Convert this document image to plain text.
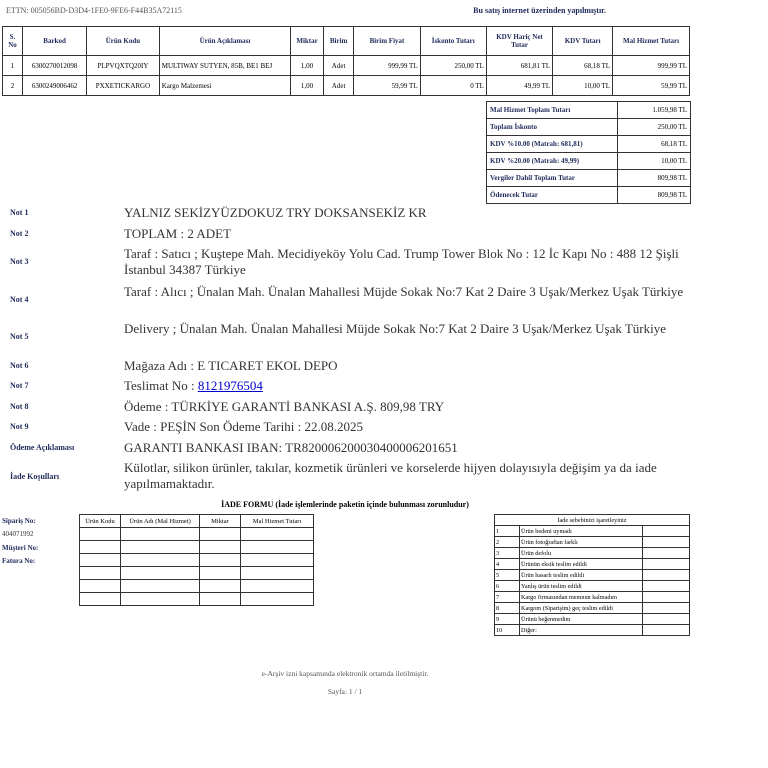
ETTN: 005056BD-D3D4-1FE0-9FE6-F44B35A72115	Bu satış internet üzerinden yapılmıştır.
S. No	Barkod	Ürün Kodu	Ürün Açıklaması	Miktar	Birim	Birim Fiyat	İskonto Tutarı	KDV Hariç Net Tutar	KDV Tutarı	Mal Hizmet Tutarı
1	6300270012098	PLPVQXTQ20IY	MULTIWAY SUTYEN, 85B, BE1 BEJ	1,00	Adet	999,99 TL	250,00 TL	681,81 TL	68,18 TL	999,99 TL
2	6300249006462	PXXETICKARGO	Kargo Malzemesi	1,00	Adet	59,99 TL	0 TL	49,99 TL	10,00 TL	59,99 TL
Mal Hizmet Toplam Tutarı	1.059,98 TL
Toplam İskonto	250,00 TL
KDV %10.00 (Matrah: 681,81)	68,18 TL
KDV %20.00 (Matrah: 49,99)	10,00 TL
Vergiler Dahil Toplam Tutar	809,98 TL
Ödenecek Tutar	809,98 TL
Not 1	YALNIZ SEKİZYÜZDOKUZ TRY DOKSANSEKİZ KR
Not 2	TOPLAM : 2 ADET
Not 3
Taraf : Satıcı ; Kuştepe Mah. Mecidiyeköy Yolu Cad. Trump Tower Blok No : 12 İc Kapı No : 488 12 Şişli İstanbul 34387 Türkiye
Not 4
Taraf : Alıcı ; Ünalan Mah. Ünalan Mahallesi Müjde Sokak No:7 Kat 2 Daire 3 Uşak/Merkez Uşak Türkiye
Not 5
Delivery ; Ünalan Mah. Ünalan Mahallesi Müjde Sokak No:7 Kat 2 Daire 3 Uşak/Merkez Uşak Türkiye
Not 6	Mağaza Adı : E TICARET EKOL DEPO
Not 7	Teslimat No : 8121976504
Not 8	Ödeme : TÜRKİYE GARANTİ BANKASI A.Ş. 809,98 TRY
Not 9	Vade : PEŞİN Son Ödeme Tarihi : 22.08.2025
Ödeme Açıklaması	GARANTI BANKASI IBAN: TR820006200030400006201651
İade Koşulları
Külotlar, silikon ürünler, takılar, kozmetik ürünleri ve korselerde hijyen dolayısıyla değişim ya da iade yapılmamaktadır.
İADE FORMU (İade işlemlerinde paketin içinde bulunması zorunludur)
Sipariş No:
404071992
Müşteri No:
Fatura No:
Ürün Kodu	Ürün Adı (Mal Hizmet)	Miktar	Mal Hizmet Tutarı

				İade sebebinizi işaretleyiniz		
1	Ürün bedeni uymadı	
2	Ürün fotoğraftan farklı	
3	Ürün defolu	
4	Ürünün eksik teslim edildi	
5	Ürün hasarlı teslim edildi	
6	Yanlış ürün teslim edildi	
7	Kargo firmasından memnun kalmadım	
8	Kargom (Siparişim) geç teslim edildi	
9	Ürünü beğenmedim	
10	Diğer:	
e-Arşiv izni kapsamında elektronik ortamda iletilmiştir.
Sayfa: 1 / 1
